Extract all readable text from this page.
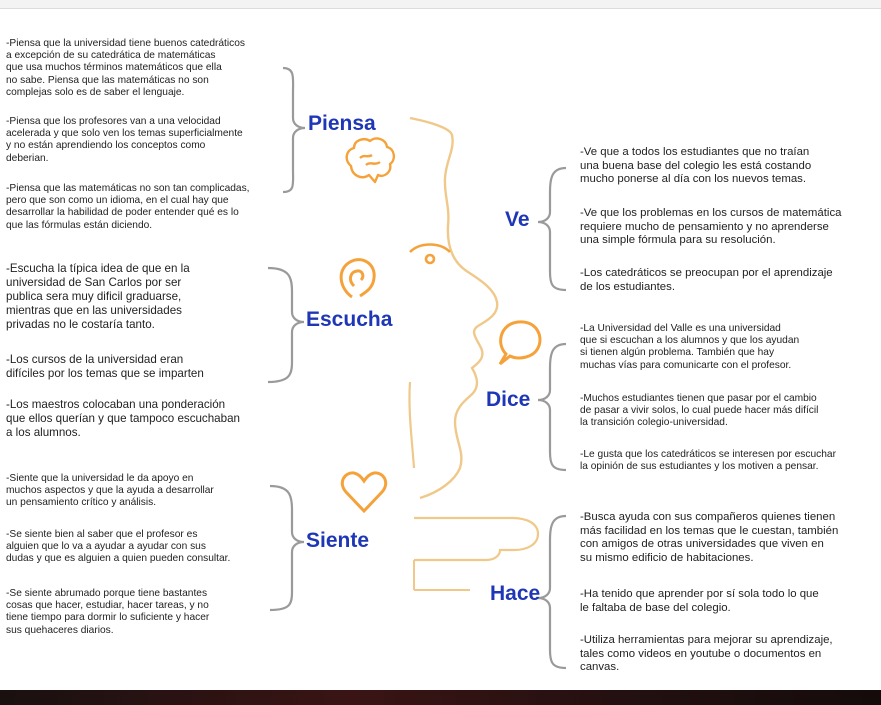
Piensa

Escucha

Siente

Ve

Dice

Hace

-Piensa que la universidad tiene buenos catedráticos
a excepción de su catedrática de matemáticas
que usa muchos términos matemáticos que ella
no sabe. Piensa que las matemáticas no son
complejas solo es de saber el lenguaje.

-Piensa que los profesores van a una velocidad
acelerada y que solo ven los temas superficialmente
y no están aprendiendo los conceptos como
deberian.

-Piensa que las matemáticas no son tan complicadas,
pero que son como un idioma, en el cual hay que
desarrollar la habilidad de poder entender qué es lo
que las fórmulas están diciendo.

-Escucha la típica idea de que en la
universidad de San Carlos por ser
publica sera muy dificil graduarse,
mientras que en las universidades
privadas no le costaría tanto.

-Los cursos de la universidad eran
difíciles por los temas que se imparten

-Los maestros colocaban una ponderación
que ellos querían y que tampoco escuchaban
a los alumnos.

-Siente que la universidad le da apoyo en
muchos aspectos y que la ayuda a desarrollar
un pensamiento crítico y análisis.

-Se siente bien al saber que el profesor es
alguien que lo va a ayudar a ayudar con sus
dudas y que es alguien a quien pueden consultar.

-Se siente abrumado porque tiene bastantes
cosas que hacer, estudiar, hacer tareas, y no
tiene tiempo para dormir lo suficiente y hacer
sus quehaceres diarios.

-Ve que a todos los estudiantes que no traían
una buena base del colegio les está costando
mucho ponerse al día con los nuevos temas.

-Ve que los problemas en los cursos de matemática
requiere mucho de pensamiento y no aprenderse
una simple fórmula para su resolución.

-Los catedráticos se preocupan por el aprendizaje
de los estudiantes.

-La Universidad del Valle es una universidad
que si escuchan a los alumnos y que los ayudan
si tienen algún problema. También que hay
muchas vías para comunicarte con el profesor.

-Muchos estudiantes tienen que pasar por el cambio
de pasar a vivir solos, lo cual puede hacer más difícil
la transición colegio-universidad.

-Le gusta que los catedráticos se interesen por escuchar
la opinión de sus estudiantes y los motiven a pensar.

-Busca ayuda con sus compañeros quienes tienen
más facilidad en los temas que le cuestan, también
con amigos de otras universidades que viven en
su mismo edificio de habitaciones.

-Ha tenido que aprender por sí sola todo lo que
le faltaba de base del colegio.

-Utiliza herramientas para mejorar su aprendizaje,
tales como videos en youtube o documentos en
canvas.
